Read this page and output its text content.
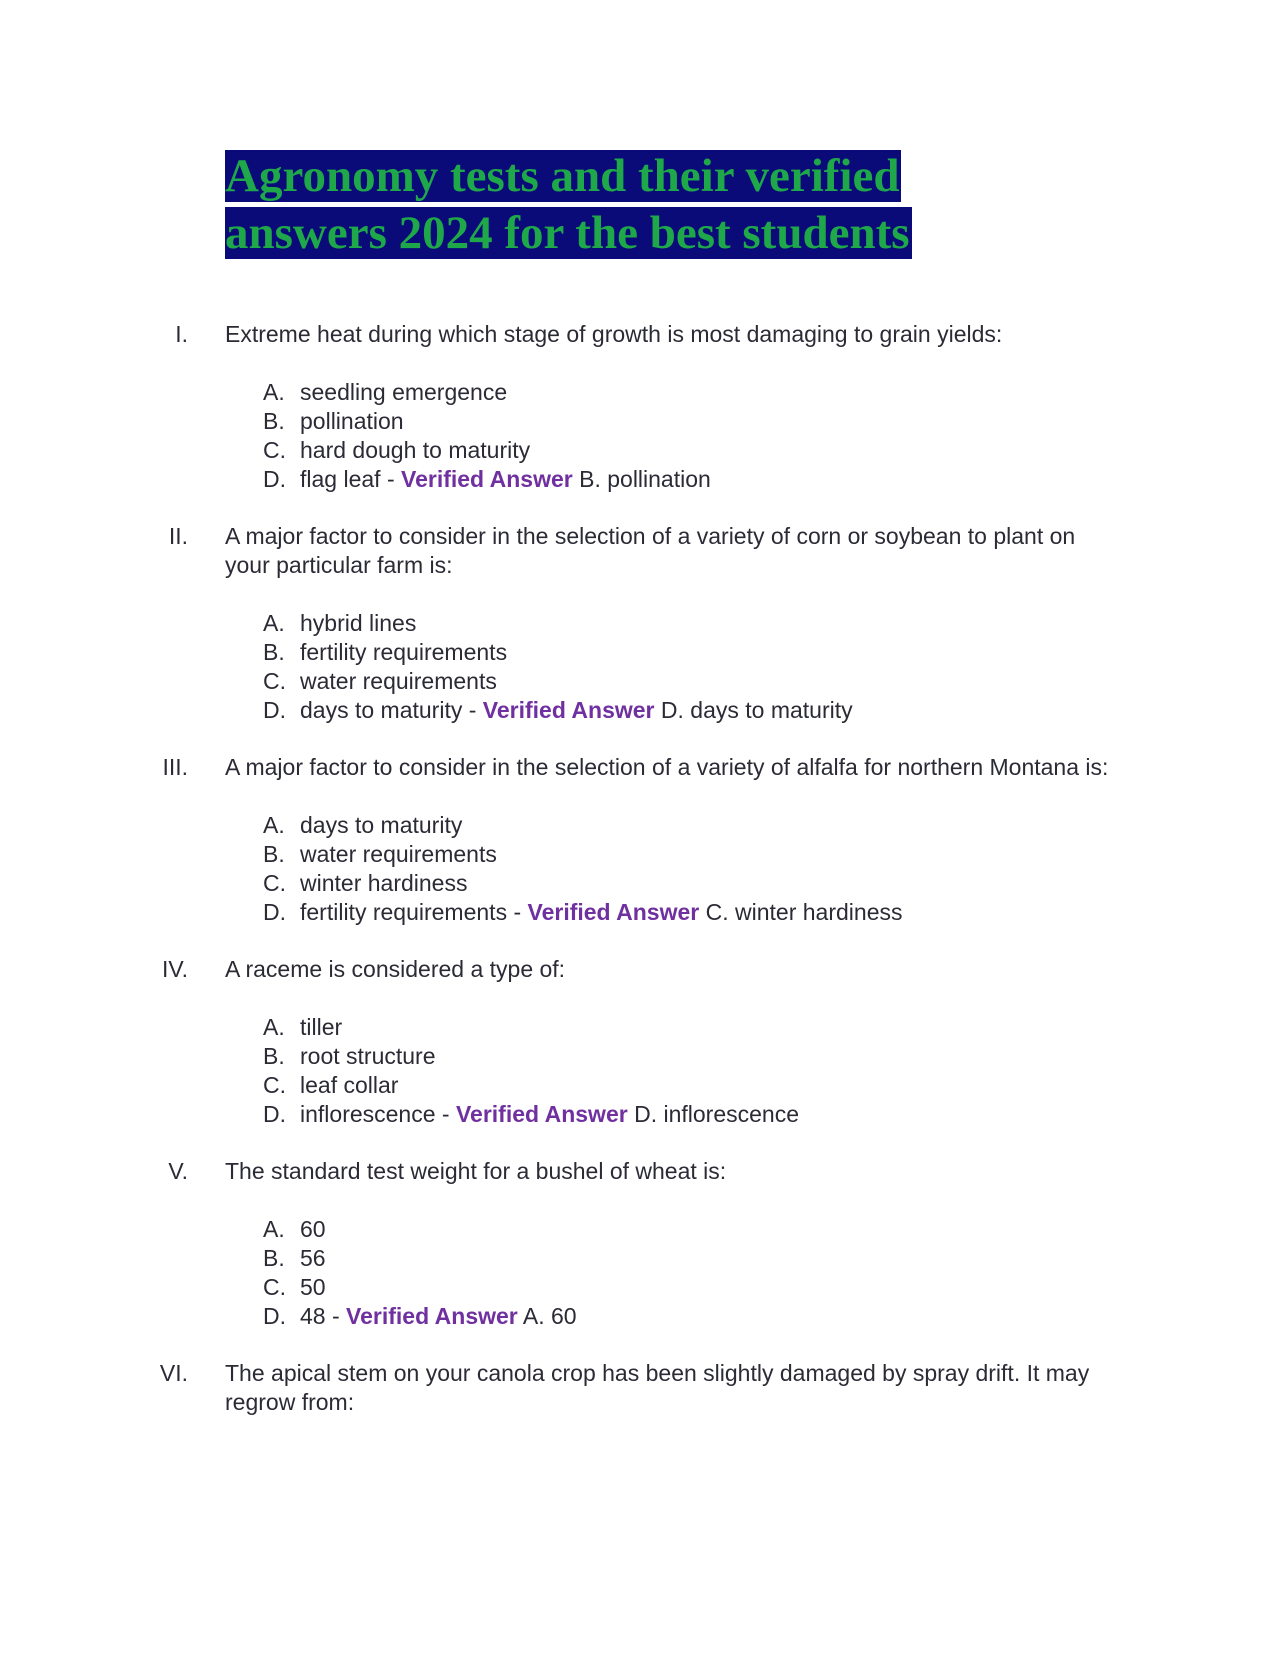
Agronomy tests and their verified
answers 2024 for the best students
I. Extreme heat during which stage of growth is most damaging to grain yields:

A. seedling emergence
B. pollination
C. hard dough to maturity
D. flag leaf - Verified Answer B. pollination
II. A major factor to consider in the selection of a variety of corn or soybean to plant on your particular farm is:

A. hybrid lines
B. fertility requirements
C. water requirements
D. days to maturity - Verified Answer D. days to maturity
III. A major factor to consider in the selection of a variety of alfalfa for northern Montana is:

A. days to maturity
B. water requirements
C. winter hardiness
D. fertility requirements - Verified Answer C. winter hardiness
IV. A raceme is considered a type of:

A. tiller
B. root structure
C. leaf collar
D. inflorescence - Verified Answer D. inflorescence
V. The standard test weight for a bushel of wheat is:

A. 60
B. 56
C. 50
D. 48 - Verified Answer A. 60
VI. The apical stem on your canola crop has been slightly damaged by spray drift. It may regrow from:
